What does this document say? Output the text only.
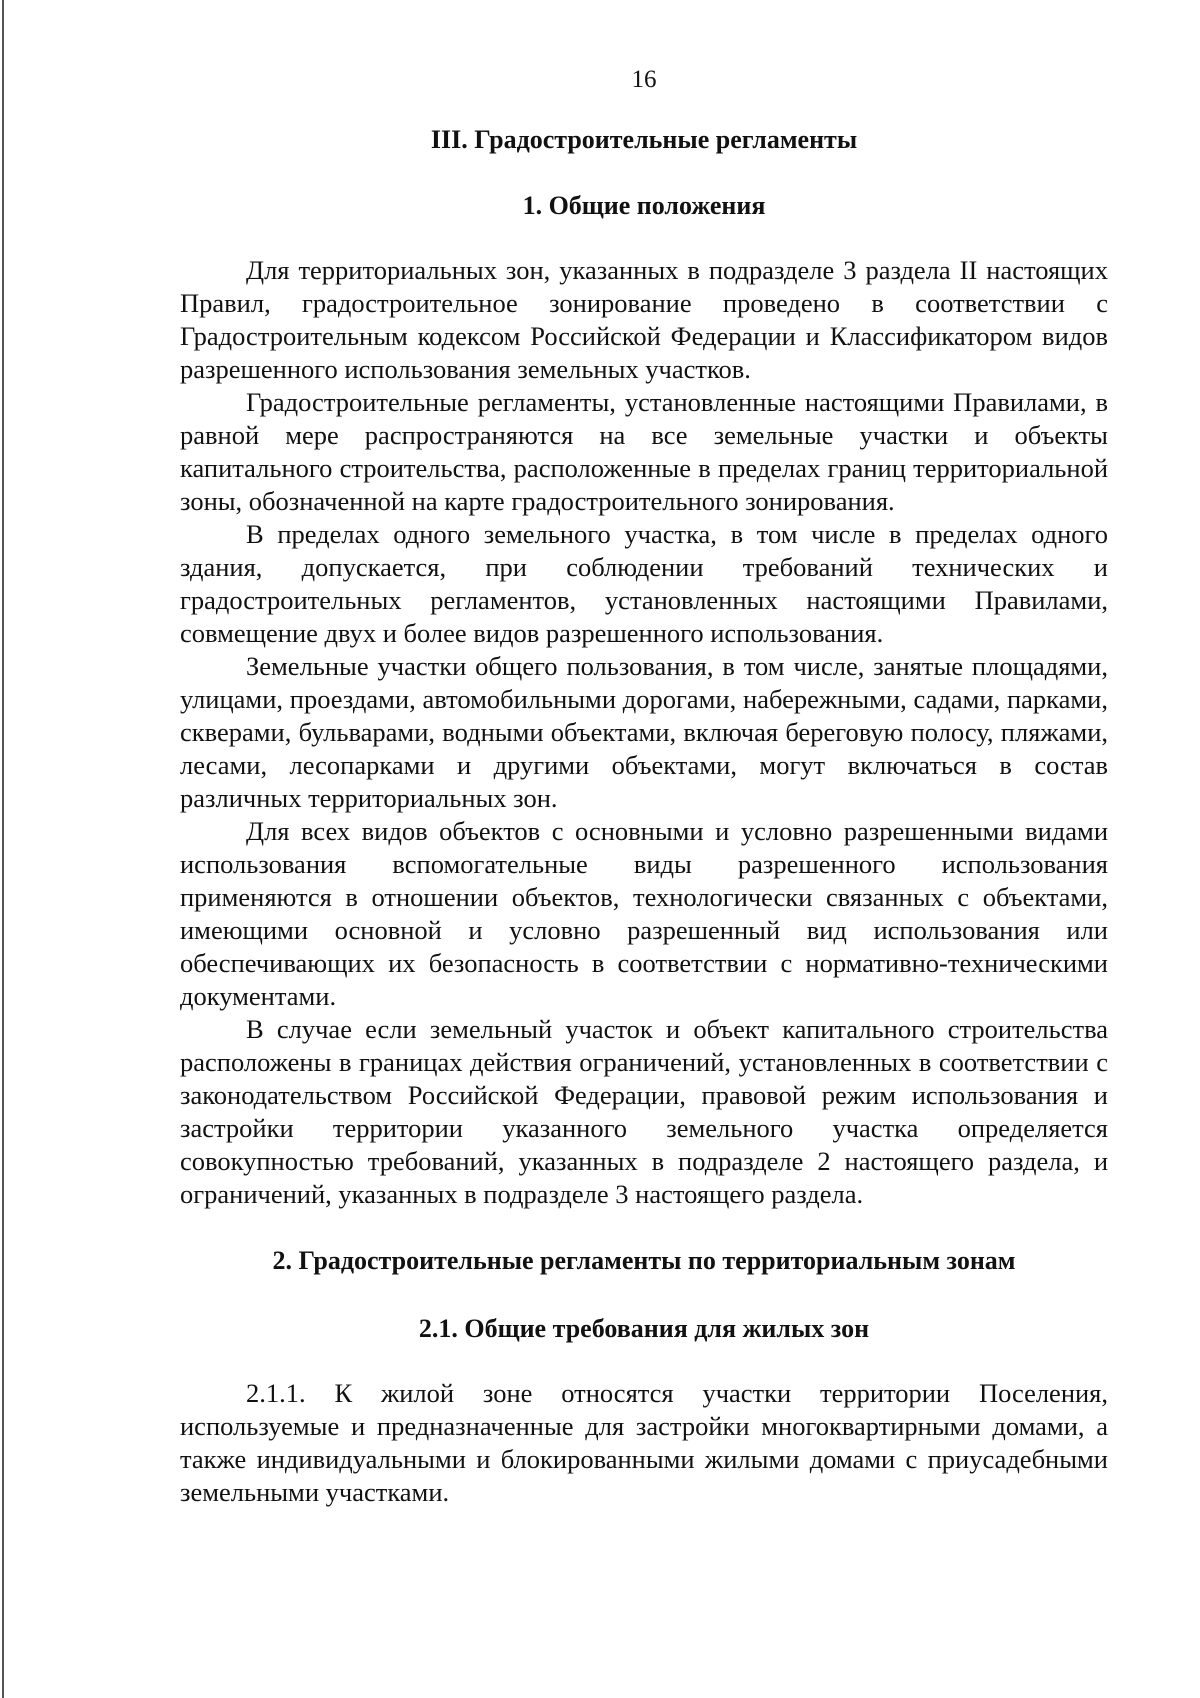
16

III. Градостроительные регламенты
1. Общие положения

Для территориальных зон, указанных в подразделе 3 раздела II настоящих Правил, градостроительное зонирование проведено в соответствии с Градостроительным кодексом Российской Федерации и Классификатором видов разрешенного использования земельных участков.

Градостроительные регламенты, установленные настоящими Правилами, в равной мере распространяются на все земельные участки и объекты капитального строительства, расположенные в пределах границ территориальной зоны, обозначенной на карте градостроительного зонирования.

В пределах одного земельного участка, в том числе в пределах одного здания, допускается, при соблюдении требований технических и градостроительных регламентов, установленных настоящими Правилами, совмещение двух и более видов разрешенного использования.

Земельные участки общего пользования, в том числе, занятые площадями, улицами, проездами, автомобильными дорогами, набережными, садами, парками, скверами, бульварами, водными объектами, включая береговую полосу, пляжами, лесами, лесопарками и другими объектами, могут включаться в состав различных территориальных зон.

Для всех видов объектов с основными и условно разрешенными видами использования вспомогательные виды разрешенного использования применяются в отношении объектов, технологически связанных с объектами, имеющими основной и условно разрешенный вид использования или обеспечивающих их безопасность в соответствии с нормативно-техническими документами.

В случае если земельный участок и объект капитального строительства расположены в границах действия ограничений, установленных в соответствии с законодательством Российской Федерации, правовой режим использования и застройки территории указанного земельного участка определяется совокупностью требований, указанных в подразделе 2 настоящего раздела, и ограничений, указанных в подразделе 3 настоящего раздела.

2. Градостроительные регламенты по территориальным зонам
2.1. Общие требования для жилых зон

2.1.1. К жилой зоне относятся участки территории Поселения, используемые и предназначенные для застройки многоквартирными домами, а также индивидуальными и блокированными жилыми домами с приусадебными земельными участками.
